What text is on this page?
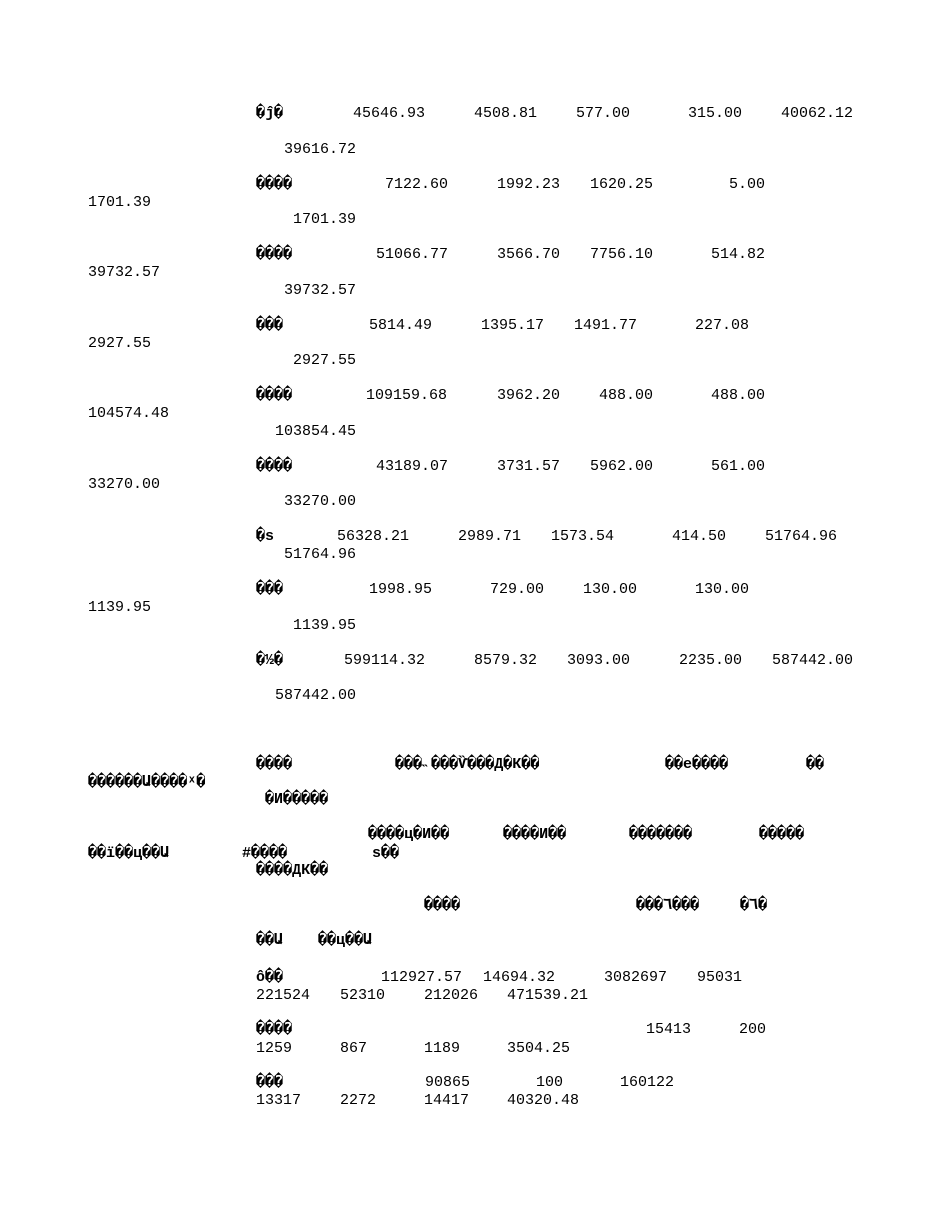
�ĵ�	45646.93	4508.81	577.00	315.00	40062.12
39616.72
����	7122.60	1992.23 1620.25	5.00
1701.39
1701.39
����	51066.77	3566.70 7756.10	514.82
39732.57
39732.57
���	5814.49	1395.17 1491.77	227.08
2927.55
2927.55
����	109159.68	3962.20	488.00	488.00
104574.48
103854.45
����	43189.07	3731.57 5962.00	561.00
33270.00
33270.00
�ѕ	56328.21	2989.71 1573.54	414.50	51764.96
51764.96
���	1998.95	729.00	130.00	130.00
1139.95
1139.95
�½�	599114.32	8579.32 3093.00	2235.00 587442.00
587442.00
����	���˵���Ѷ���Д�К��	��е����	��
������Ա����ˣ�
�И�����
����ц�И��	����И��	�������	�����
��ї��ц��Ա	#����	ѕ��
����ДК��
����	���٦���	�٦�
��Ա ��ц��Ա
ô��	112927.57 14694.32	3082697 95031
221524 52310	212026 471539.21
����	15413	200
1259	867	1189	3504.25
���	90865	100	160122
13317	2272	14417	40320.48
